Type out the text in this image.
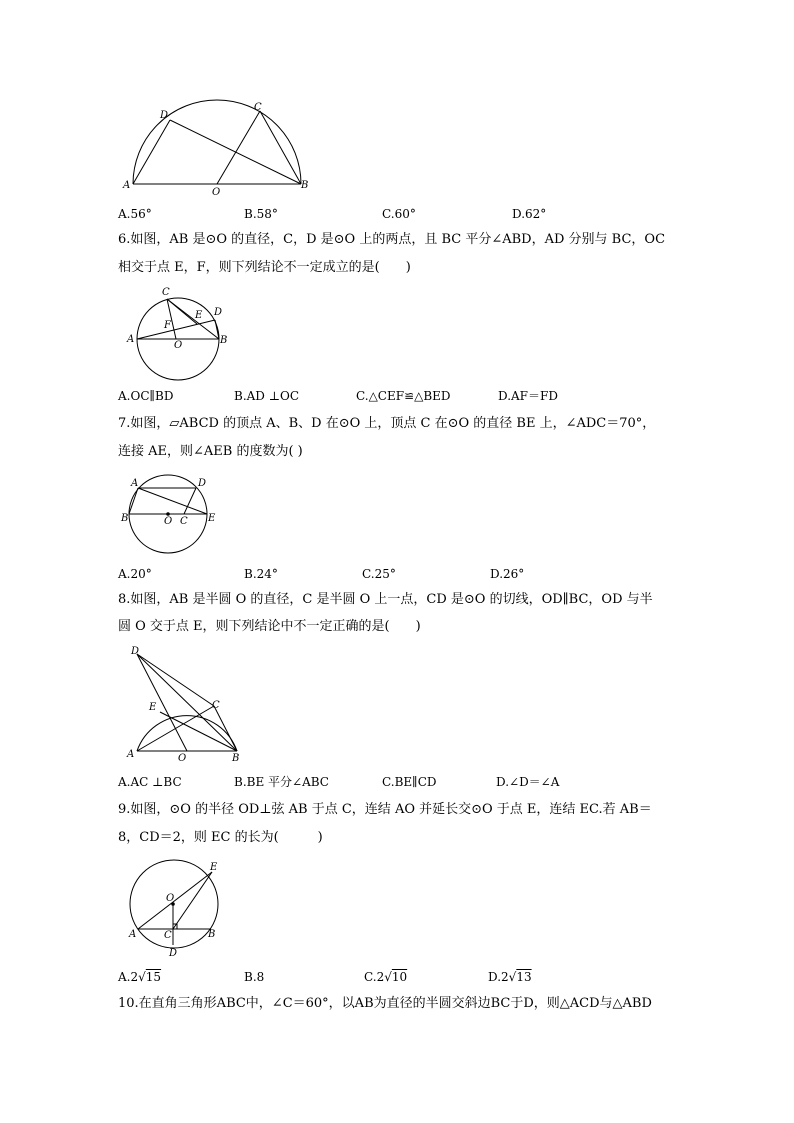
A	B
C
D
O
A.56°	B.58°	C.60°	D.62°
6.如图，AB 是⊙O 的直径，C，D 是⊙O 上的两点，且 BC 平分∠ABD，AD 分别与 BC，OC
相交于点 E，F，则下列结论不一定成立的是(　　)
A	B
C
D
E
F
O
A.OC∥BD	B.AD ⊥OC	C.△CEF≌△BED	D.AF＝FD
7.如图，▱ABCD 的顶点 A、B、D 在⊙O 上，顶点 C 在⊙O 的直径 BE 上，∠ADC＝70°，
连接 AE，则∠AEB 的度数为( )
A
B	C
D
E
O
A.20°	B.24°	C.25°	D.26°
8.如图，AB 是半圆 O 的直径，C 是半圆 O 上一点，CD 是⊙O 的切线，OD∥BC，OD 与半
圆 O 交于点 E，则下列结论中不一定正确的是(　　)
A	B
C
D
E
O
A.AC ⊥BC	B.BE 平分∠ABC	C.BE∥CD	D.∠D＝∠A
9.如图，⊙O 的半径 OD⊥弦 AB 于点 C，连结 AO 并延长交⊙O 于点 E，连结 EC.若 AB＝
8，CD＝2，则 EC 的长为(　　　)
A	B
C
D
E
O
A.2√15	B.8	C.2√10	D.2√13
10.在直角三角形ABC中，∠C＝60°，以AB为直径的半圆交斜边BC于D，则△ACD与△ABD
